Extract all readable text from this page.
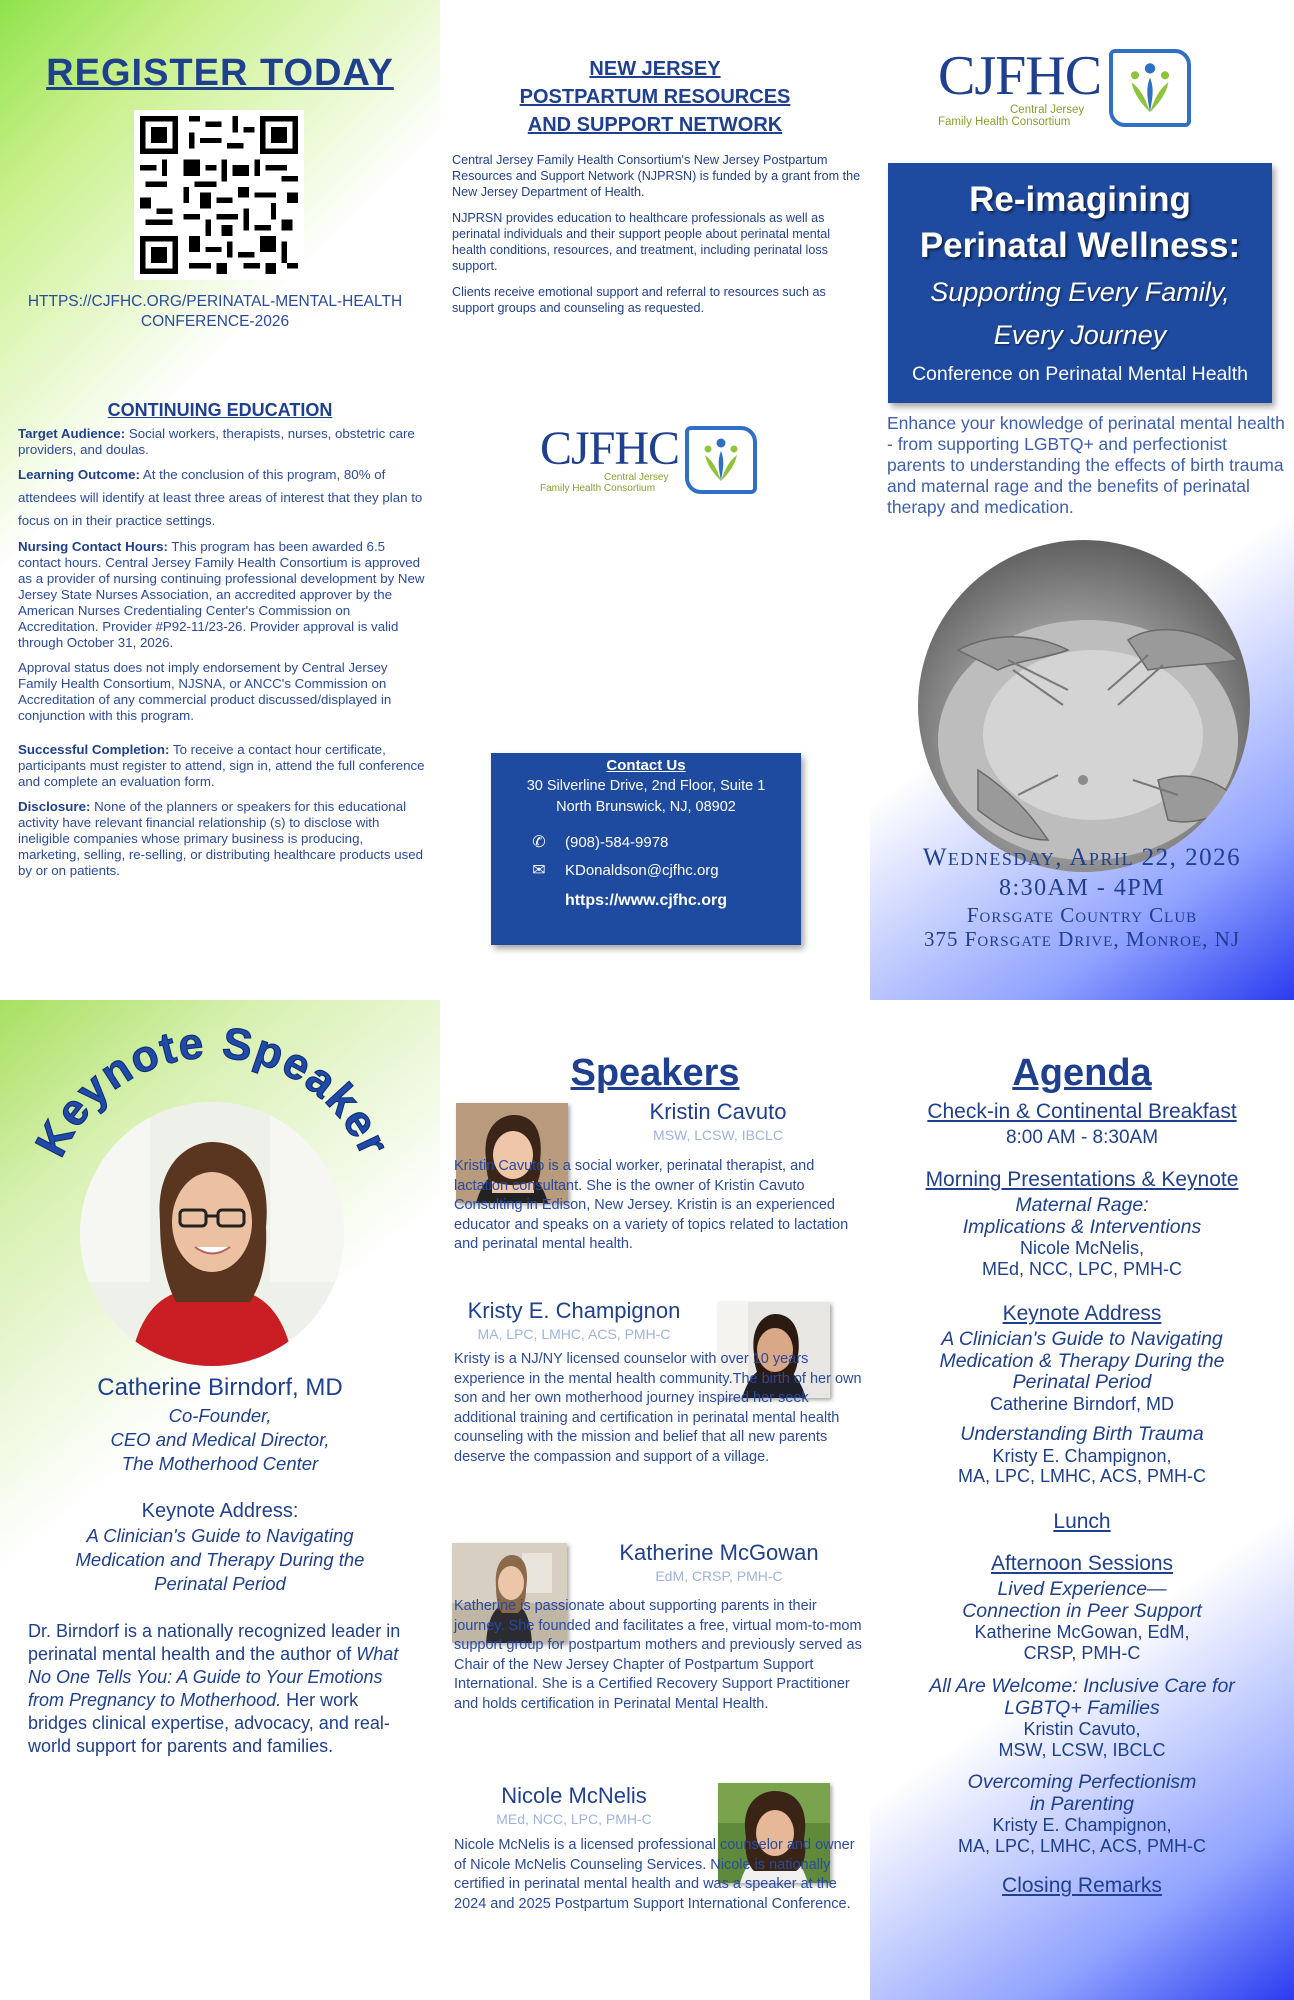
REGISTER TODAY
HTTPS://CJFHC.ORG/PERINATAL-MENTAL-HEALTH
CONFERENCE-2026
CONTINUING EDUCATION

Target Audience: Social workers, therapists, nurses, obstetric care providers, and doulas.

Learning Outcome: At the conclusion of this program, 80% of attendees will identify at least three areas of interest that they plan to focus on in their practice settings.

Nursing Contact Hours: This program has been awarded 6.5 contact hours. Central Jersey Family Health Consortium is approved as a provider of nursing continuing professional development by New Jersey State Nurses Association, an accredited approver by the American Nurses Credentialing Center's Commission on Accreditation. Provider #P92-11/23-26. Provider approval is valid through October 31, 2026.

Approval status does not imply endorsement by Central Jersey Family Health Consortium, NJSNA, or ANCC's Commission on Accreditation of any commercial product discussed/displayed in conjunction with this program.

Successful Completion: To receive a contact hour certificate, participants must register to attend, sign in, attend the full conference and complete an evaluation form.

Disclosure: None of the planners or speakers for this educational activity have relevant financial relationship (s) to disclose with ineligible companies whose primary business is producing, marketing, selling, re-selling, or distributing healthcare products used by or on patients.

NEW JERSEY
POSTPARTUM RESOURCES
AND SUPPORT NETWORK

Central Jersey Family Health Consortium's New Jersey Postpartum Resources and Support Network (NJPRSN) is funded by a grant from the New Jersey Department of Health.

NJPRSN provides education to healthcare professionals as well as perinatal individuals and their support people about perinatal mental health conditions, resources, and treatment, including perinatal loss support.

Clients receive emotional support and referral to resources such as support groups and counseling as requested.

CJFHC
Central Jersey
Family Health Consortium
Contact Us
30 Silverline Drive, 2nd Floor, Suite 1
North Brunswick, NJ, 08902
✆	(908)-584-9978
✉	KDonaldson@cjfhc.org
https://www.cjfhc.org
CJFHC
Central Jersey
Family Health Consortium
Re-imagining
Perinatal Wellness:
Supporting Every Family,
Every Journey
Conference on Perinatal Mental Health
Enhance your knowledge of perinatal mental health - from supporting LGBTQ+ and perfectionist parents to understanding the effects of birth trauma and maternal rage and the benefits of perinatal therapy and medication.
Wednesday, April 22, 2026
8:30AM - 4PM
Forsgate Country Club
375 Forsgate Drive, Monroe, NJ
Keynote Speaker
Catherine Birndorf, MD
Co-Founder,
CEO and Medical Director,
The Motherhood Center
Keynote Address:
A Clinician's Guide to Navigating
Medication and Therapy During the
Perinatal Period
Dr. Birndorf is a nationally recognized leader in perinatal mental health and the author of What No One Tells You: A Guide to Your Emotions from Pregnancy to Motherhood. Her work bridges clinical expertise, advocacy, and real-world support for parents and families.
Speakers
Kristin Cavuto
MSW, LCSW, IBCLC
Kristin Cavuto is a social worker, perinatal therapist, and lactation consultant. She is the owner of Kristin Cavuto Consulting in Edison, New Jersey. Kristin is an experienced educator and speaks on a variety of topics related to lactation and perinatal mental health.
Kristy E. Champignon
MA, LPC, LMHC, ACS, PMH-C
Kristy is a NJ/NY licensed counselor with over 10 years experience in the mental health community.The birth of her own son and her own motherhood journey inspired her seek additional training and certification in perinatal mental health counseling with the mission and belief that all new parents deserve the compassion and support of a village.
Katherine McGowan
EdM, CRSP, PMH-C
Katherine is passionate about supporting parents in their journey. She founded and facilitates a free, virtual mom-to-mom support group for postpartum mothers and previously served as Chair of the New Jersey Chapter of Postpartum Support International. She is a Certified Recovery Support Practitioner and holds certification in Perinatal Mental Health.
Nicole McNelis
MEd, NCC, LPC, PMH-C
Nicole McNelis is a licensed professional counselor and owner of Nicole McNelis Counseling Services. Nicole is nationally certified in perinatal mental health and was a speaker at the 2024 and 2025 Postpartum Support International Conference.
Agenda
Check-in & Continental Breakfast
8:00 AM - 8:30AM
Morning Presentations & Keynote
Maternal Rage:
Implications & Interventions
Nicole McNelis,
MEd, NCC, LPC, PMH-C
Keynote Address
A Clinician's Guide to Navigating
Medication & Therapy During the
Perinatal Period
Catherine Birndorf, MD
Understanding Birth Trauma
Kristy E. Champignon,
MA, LPC, LMHC, ACS, PMH-C
Lunch
Afternoon Sessions
Lived Experience—
Connection in Peer Support
Katherine McGowan, EdM,
CRSP, PMH-C
All Are Welcome: Inclusive Care for
LGBTQ+ Families
Kristin Cavuto,
MSW, LCSW, IBCLC
Overcoming Perfectionism
in Parenting
Kristy E. Champignon,
MA, LPC, LMHC, ACS, PMH-C
Closing Remarks
